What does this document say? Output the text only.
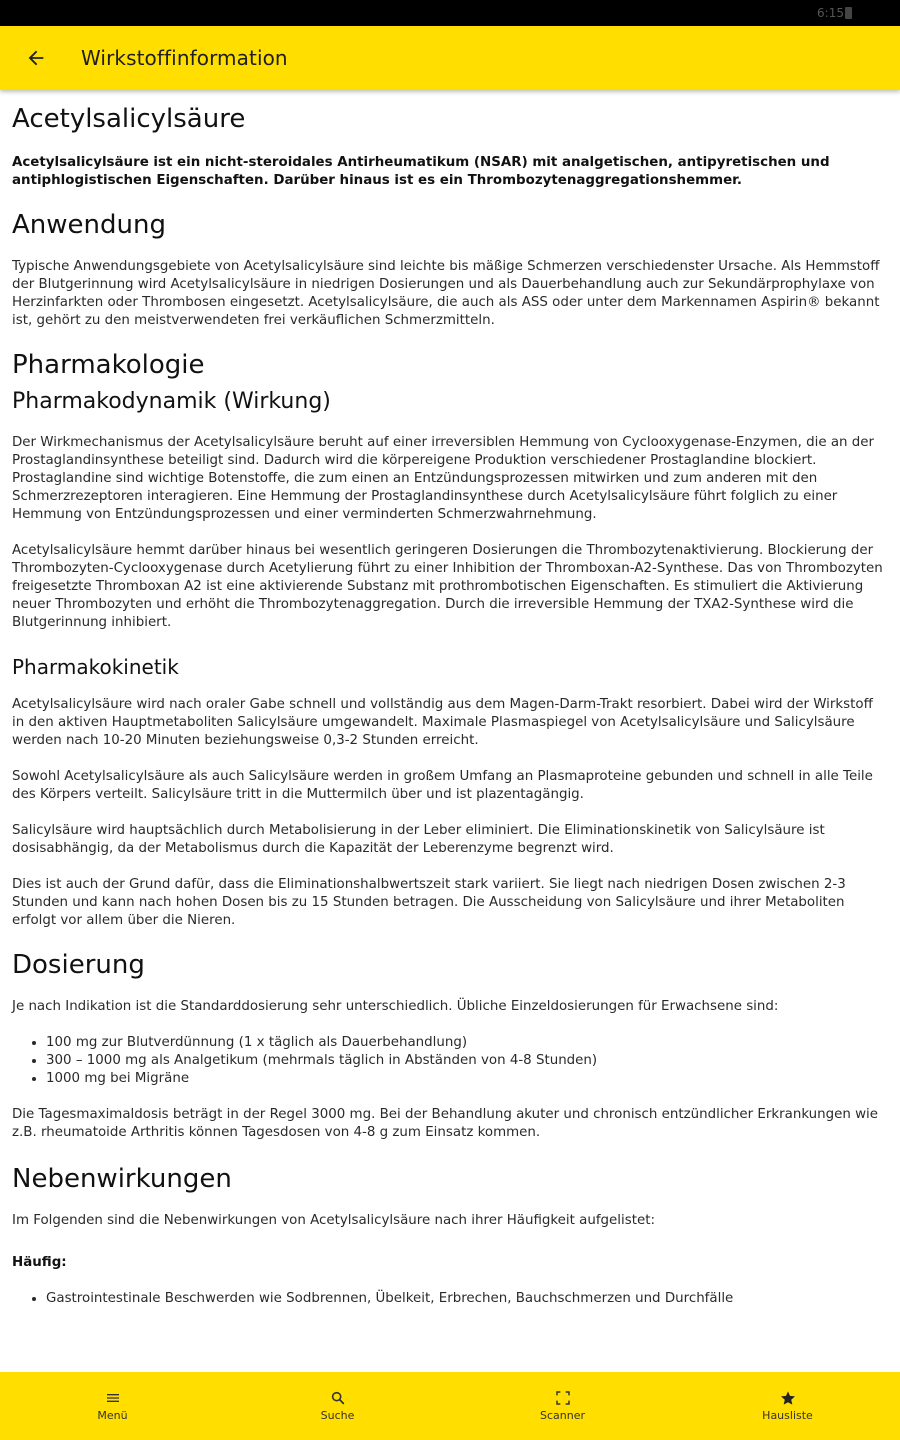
6:15
Wirkstoffinformation
Acetylsalicylsäure

Acetylsalicylsäure ist ein nicht-steroidales Antirheumatikum (NSAR) mit analgetischen, antipyretischen und antiphlogistischen Eigenschaften. Darüber hinaus ist es ein Thrombozytenaggregationshemmer.

Anwendung

Typische Anwendungsgebiete von Acetylsalicylsäure sind leichte bis mäßige Schmerzen verschiedenster Ursache. Als Hemmstoff der Blutgerinnung wird Acetylsalicylsäure in niedrigen Dosierungen und als Dauerbehandlung auch zur Sekundärprophylaxe von Herzinfarkten oder Thrombosen eingesetzt. Acetylsalicylsäure, die auch als ASS oder unter dem Markennamen Aspirin® bekannt ist, gehört zu den meistverwendeten frei verkäuflichen Schmerzmitteln.

Pharmakologie
Pharmakodynamik (Wirkung)

Der Wirkmechanismus der Acetylsalicylsäure beruht auf einer irreversiblen Hemmung von Cyclooxygenase-Enzymen, die an der Prostaglandinsynthese beteiligt sind. Dadurch wird die körpereigene Produktion verschiedener Prostaglandine blockiert. Prostaglandine sind wichtige Botenstoffe, die zum einen an Entzündungsprozessen mitwirken und zum anderen mit den Schmerzrezeptoren interagieren. Eine Hemmung der Prostaglandinsynthese durch Acetylsalicylsäure führt folglich zu einer Hemmung von Entzündungsprozessen und einer verminderten Schmerzwahrnehmung.

Acetylsalicylsäure hemmt darüber hinaus bei wesentlich geringeren Dosierungen die Thrombozytenaktivierung. Blockierung der Thrombozyten-Cyclooxygenase durch Acetylierung führt zu einer Inhibition der Thromboxan-A2-Synthese. Das von Thrombozyten freigesetzte Thromboxan A2 ist eine aktivierende Substanz mit prothrombotischen Eigenschaften. Es stimuliert die Aktivierung neuer Thrombozyten und erhöht die Thrombozytenaggregation. Durch die irreversible Hemmung der TXA2-Synthese wird die Blutgerinnung inhibiert.

Pharmakokinetik

Acetylsalicylsäure wird nach oraler Gabe schnell und vollständig aus dem Magen-Darm-Trakt resorbiert. Dabei wird der Wirkstoff in den aktiven Hauptmetaboliten Salicylsäure umgewandelt. Maximale Plasmaspiegel von Acetylsalicylsäure und Salicylsäure werden nach 10-20 Minuten beziehungsweise 0,3-2 Stunden erreicht.

Sowohl Acetylsalicylsäure als auch Salicylsäure werden in großem Umfang an Plasmaproteine gebunden und schnell in alle Teile des Körpers verteilt. Salicylsäure tritt in die Muttermilch über und ist plazentagängig.

Salicylsäure wird hauptsächlich durch Metabolisierung in der Leber eliminiert. Die Eliminationskinetik von Salicylsäure ist dosisabhängig, da der Metabolismus durch die Kapazität der Leberenzyme begrenzt wird.

Dies ist auch der Grund dafür, dass die Eliminationshalbwertszeit stark variiert. Sie liegt nach niedrigen Dosen zwischen 2-3 Stunden und kann nach hohen Dosen bis zu 15 Stunden betragen. Die Ausscheidung von Salicylsäure und ihrer Metaboliten erfolgt vor allem über die Nieren.

Dosierung

Je nach Indikation ist die Standarddosierung sehr unterschiedlich. Übliche Einzeldosierungen für Erwachsene sind:

• 100 mg zur Blutverdünnung (1 x täglich als Dauerbehandlung)
• 300 – 1000 mg als Analgetikum (mehrmals täglich in Abständen von 4-8 Stunden)
• 1000 mg bei Migräne

Die Tagesmaximaldosis beträgt in der Regel 3000 mg. Bei der Behandlung akuter und chronisch entzündlicher Erkrankungen wie z.B. rheumatoide Arthritis können Tagesdosen von 4-8 g zum Einsatz kommen.

Nebenwirkungen

Im Folgenden sind die Nebenwirkungen von Acetylsalicylsäure nach ihrer Häufigkeit aufgelistet:

Häufig:

• Gastrointestinale Beschwerden wie Sodbrennen, Übelkeit, Erbrechen, Bauchschmerzen und Durchfälle
Menü	Suche	Scanner	Hausliste
